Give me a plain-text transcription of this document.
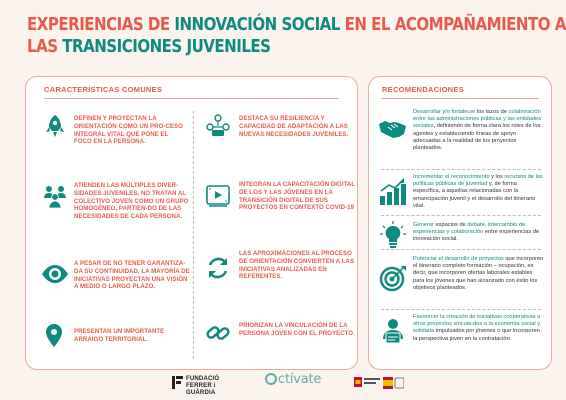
EXPERIENCIAS DE INNOVACIÓN SOCIAL EN EL ACOMPAÑAMIENTO A
LAS TRANSICIONES JUVENILES
CARACTERÍSTICAS COMUNES
DEFINEN Y PROYECTAN LA ORIENTACIÓN COMO UN PRO-CESO INTEGRAL VITAL QUE PONE EL FOCO EN LA PERSONA.
ATIENDEN LAS MÚLTIPLES DIVER-SIDADES JUVENILES, NO TRATAN AL COLECTIVO JOVEN COMO UN GRUPO HOMOGÉNEO, PARTIEN-DO DE LAS NECESIDADES DE CADA PERSONA.
A PESAR DE NO TENER GARANTIZA-DA SU CONTINUIDAD, LA MAYORÍA DE INICIATIVAS PROYECTAN UNA VISIÓN A MEDIO O LARGO PLAZO.
PRESENTAN UN IMPORTANTE ARRAIGO TERRITORIAL.
DESTACA SU RESILIENCIA Y CAPACIDAD DE ADAPTACIÓN A LAS NUEVAS NECESIDADES JUVENILES.
INTEGRAN LA CAPACITACIÓN DIGITAL DE LOS Y LAS JÓVENES EN LA TRANSICIÓN DIGITAL DE SUS PROYECTOS EN CONTEXTO COVID-19
LAS APROXIMACIONES AL PROCESO DE ORIENTACIÓN CONVIERTEN A LAS INICIATIVAS ANALIZADAS EN REFERENTES.
PRIORIZAN LA VINCULACIÓN DE LA PERSONA JOVEN CON EL PROYECTO.
RECOMENDACIONES
Desarrollar y/o fortalecer los lazos de colaboración entre las administraciones públicas y las entidades sociales, definiendo de forma clara los roles de los agentes y estableciendo líneas de apoyo adecuadas a la realidad de los proyectos planteados.
Incrementar el reconocimiento y los recursos de las políticas públicas de juventud y, de forma específica, a aquellas relacionadas con la emancipación juvenil y el desarrollo del itinerario vital.
Generar espacios de debate, intercambio de experiencias y colaboración entre experiencias de innovación social.
Potenciar el desarrollo de proyectos que incorporen el itinerario completo formación – ocupación, es decir, que incorporen ofertas laborales estables para los jóvenes que han alcanzado con éxito los objetivos planteados.
Favorecer la creación de iniciativas cooperativas u otros proyectos vincula-dos a la economía social y solidaria impulsados por jóvenes o que incorporen la perspectiva joven en la contratación.
FUNDACIÓ
FERRER i GUÀRDIA
ctívate
